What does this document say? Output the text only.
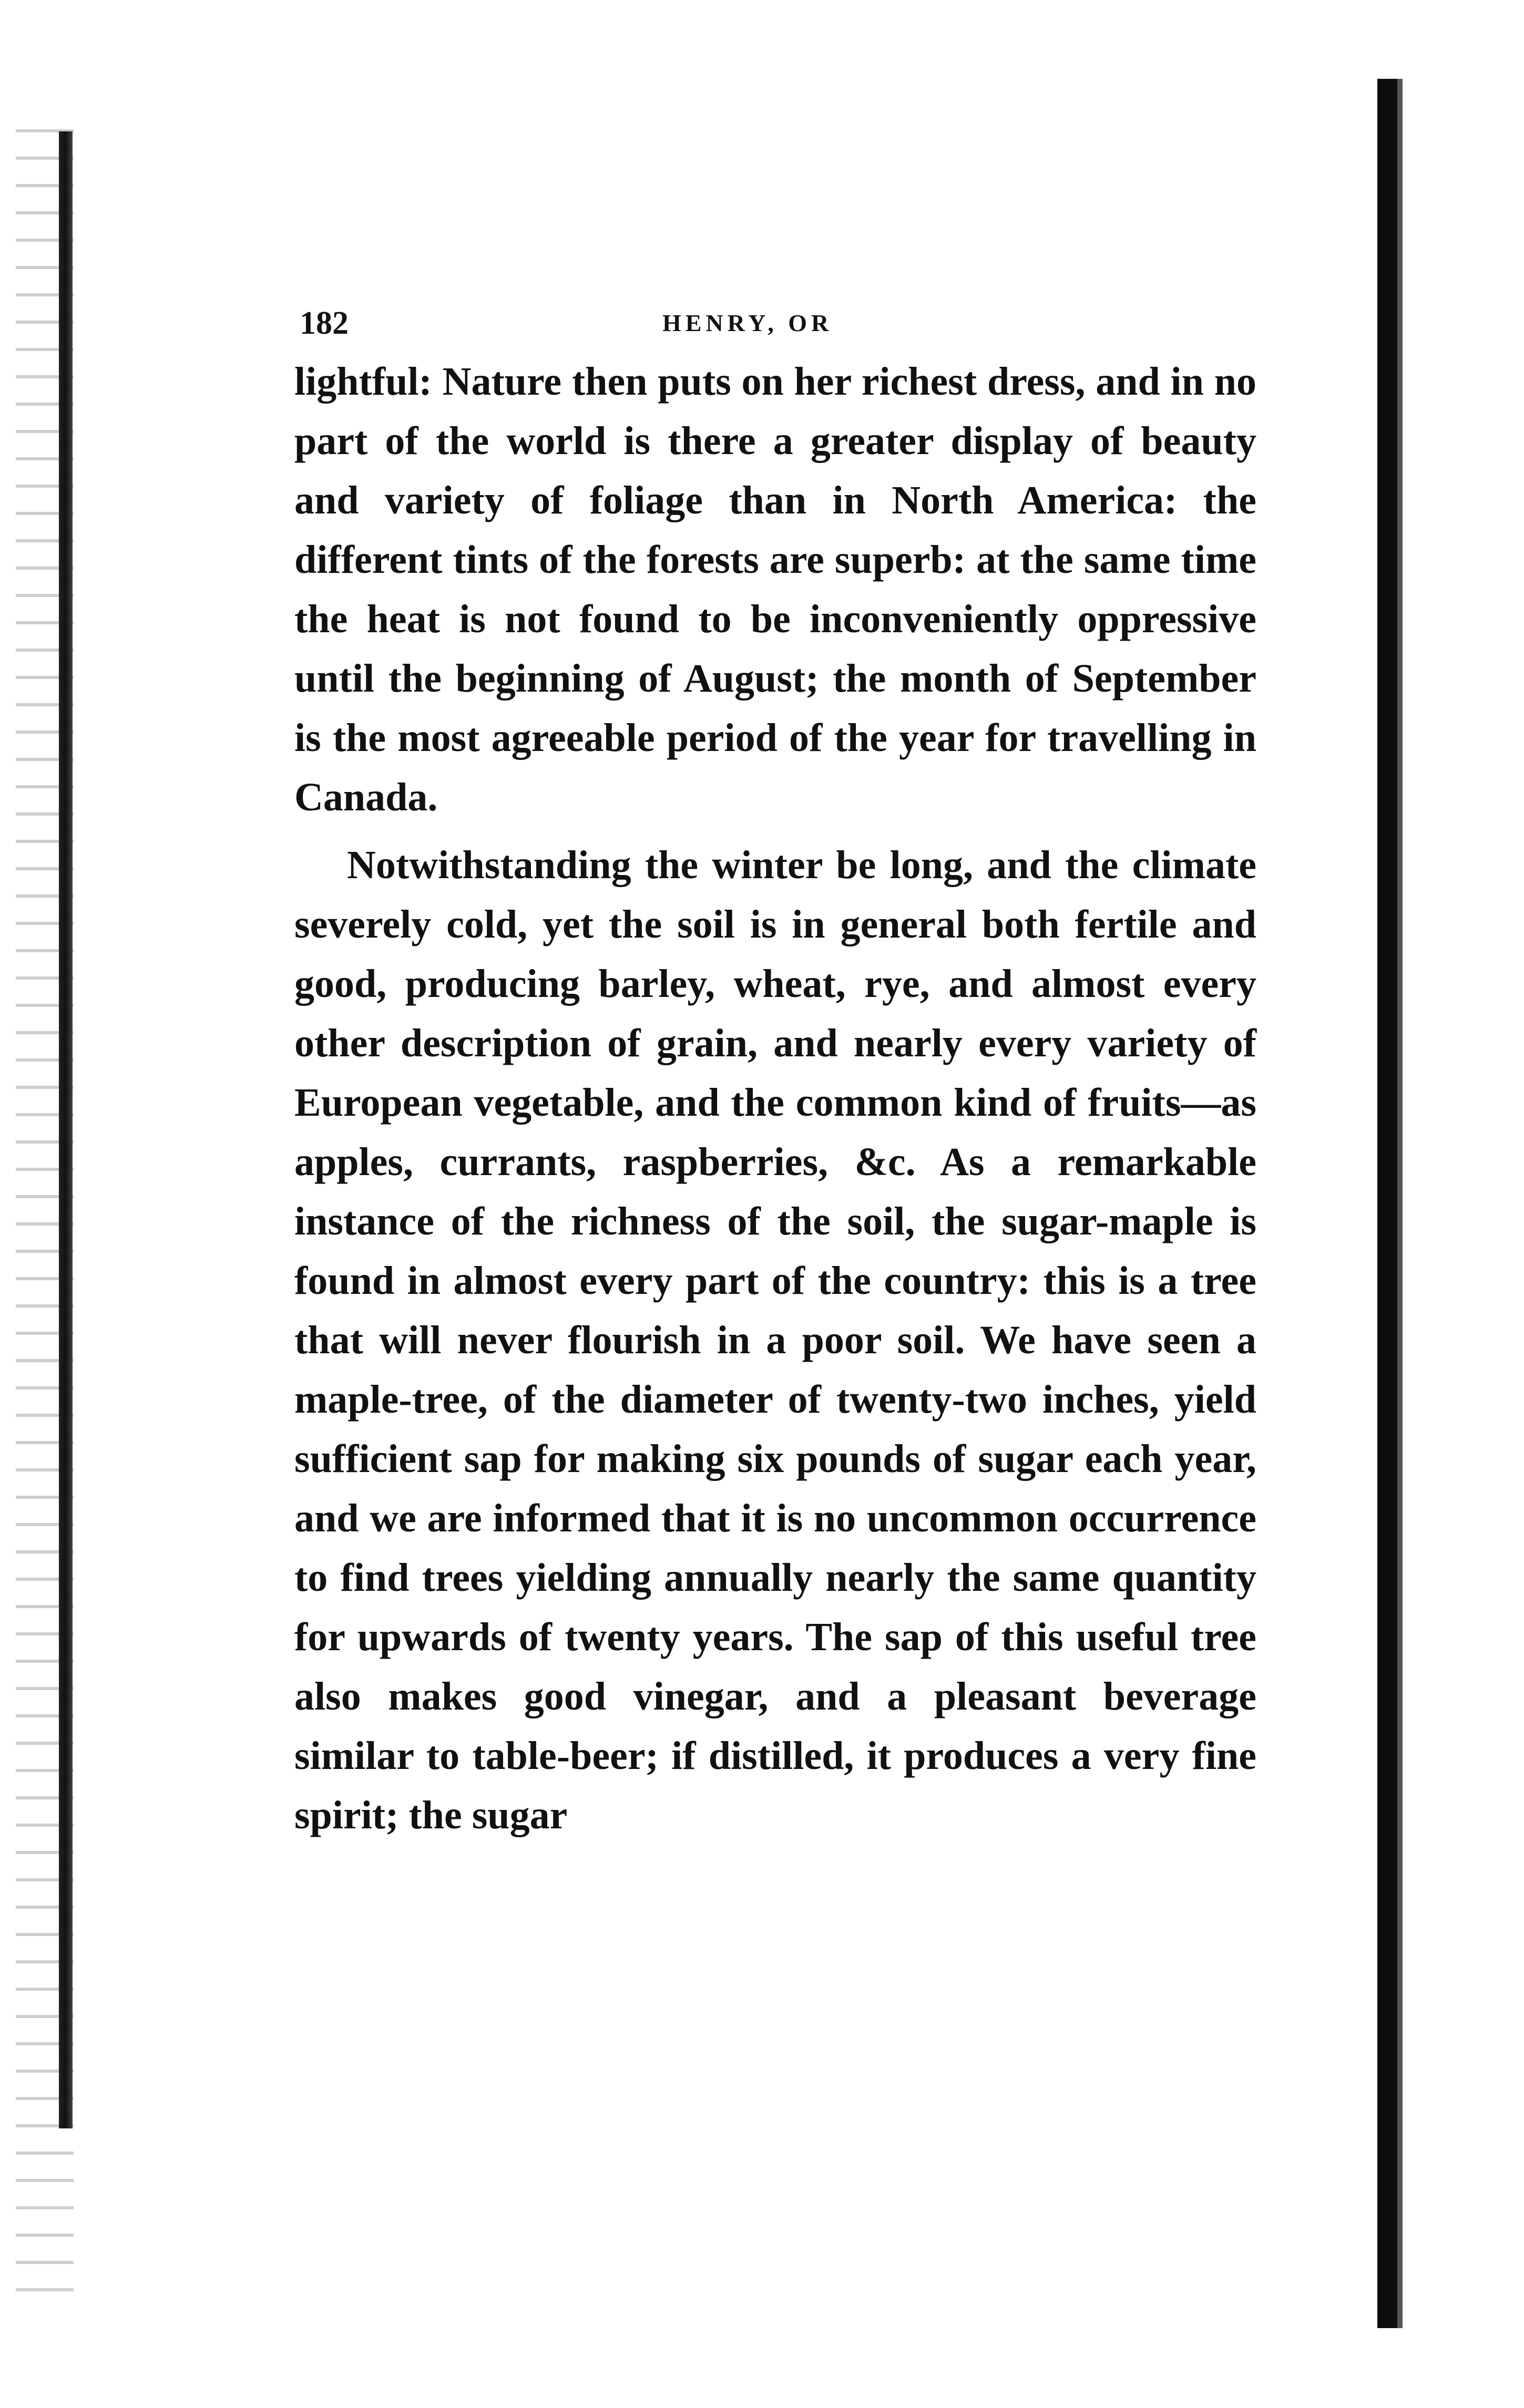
182	HENRY, OR

lightful: Nature then puts on her richest dress, and in no part of the world is there a greater display of beauty and variety of foliage than in North America: the different tints of the forests are superb: at the same time the heat is not found to be inconveniently oppressive until the beginning of August; the month of September is the most agreeable period of the year for travelling in Canada.

Notwithstanding the winter be long, and the climate severely cold, yet the soil is in general both fertile and good, producing barley, wheat, rye, and almost every other description of grain, and nearly every variety of European vegetable, and the common kind of fruits—as apples, currants, raspberries, &c. As a remarkable instance of the richness of the soil, the sugar-maple is found in almost every part of the country: this is a tree that will never flourish in a poor soil. We have seen a maple-tree, of the diameter of twenty-two inches, yield sufficient sap for making six pounds of sugar each year, and we are informed that it is no uncommon occurrence to find trees yielding annually nearly the same quantity for upwards of twenty years. The sap of this useful tree also makes good vinegar, and a pleasant beverage similar to table-beer; if distilled, it produces a very fine spirit; the sugar
